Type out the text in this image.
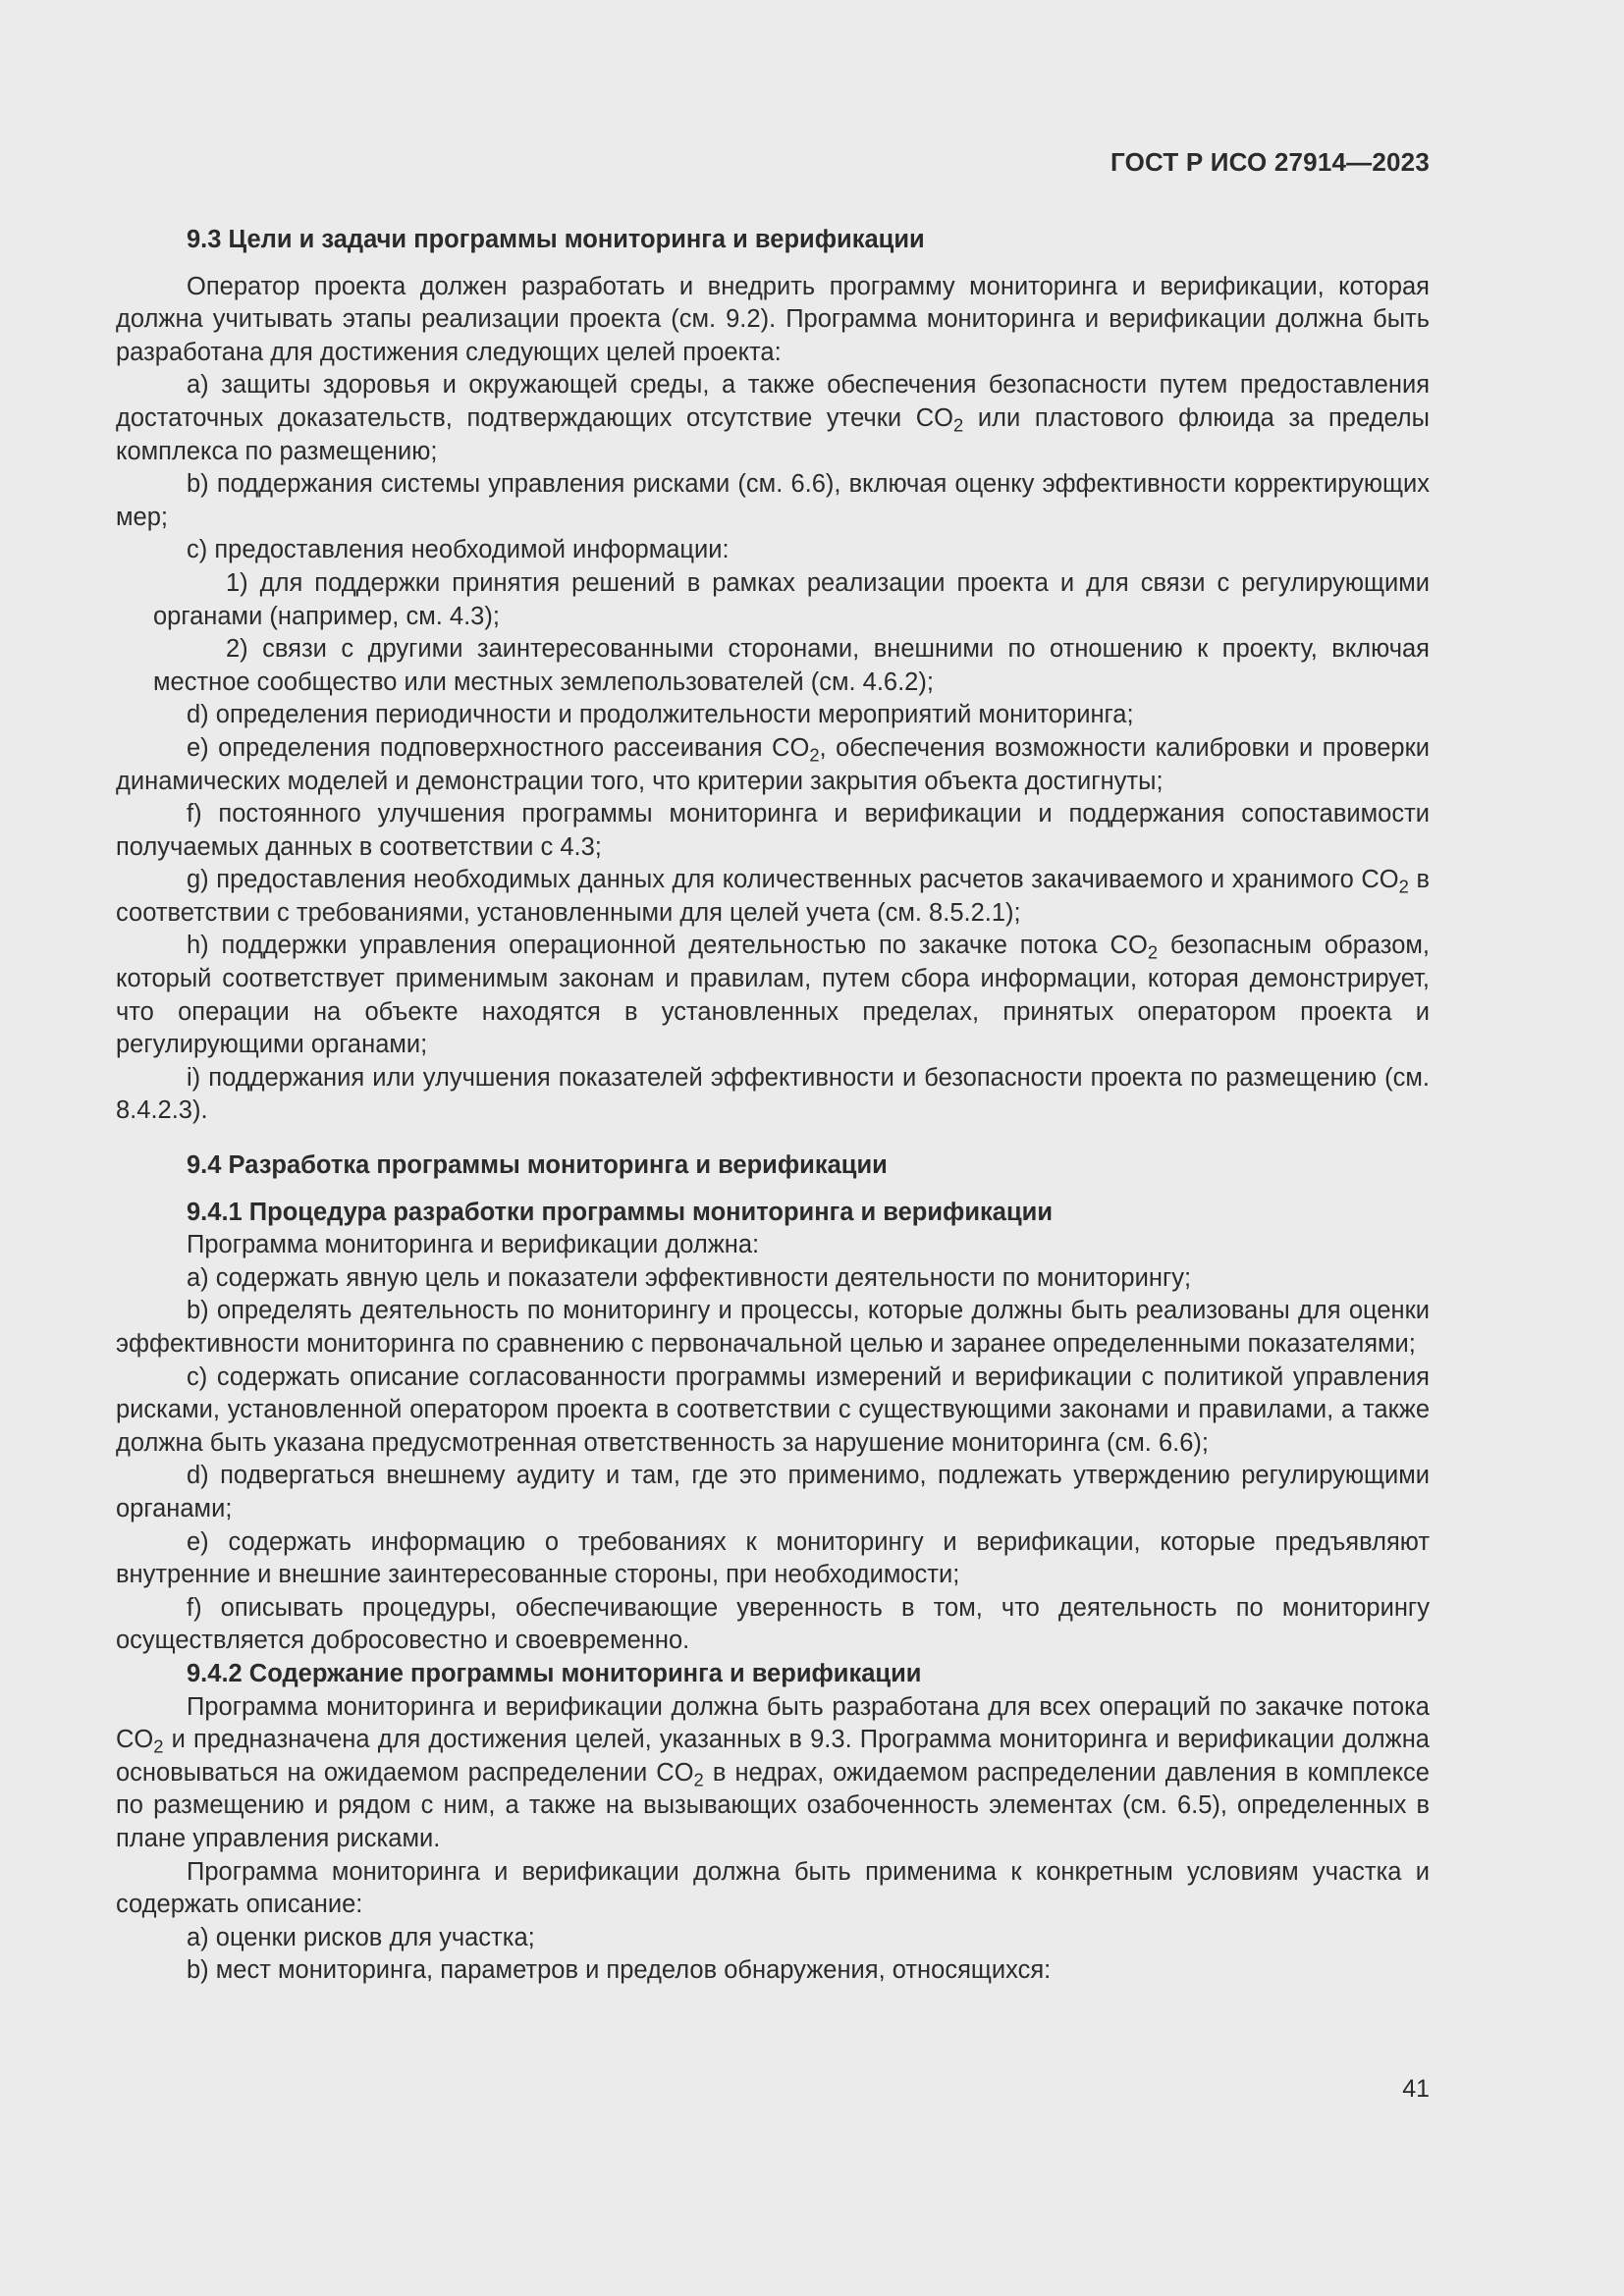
ГОСТ Р ИСО 27914—2023

9.3 Цели и задачи программы мониторинга и верификации

Оператор проекта должен разработать и внедрить программу мониторинга и верификации, которая должна учитывать этапы реализации проекта (см. 9.2). Программа мониторинга и верификации должна быть разработана для достижения следующих целей проекта:

a) защиты здоровья и окружающей среды, а также обеспечения безопасности путем предоставления достаточных доказательств, подтверждающих отсутствие утечки $CO_2$ или пластового флюида за пределы комплекса по размещению;

b) поддержания системы управления рисками (см. 6.6), включая оценку эффективности корректирующих мер;

c) предоставления необходимой информации:

1) для поддержки принятия решений в рамках реализации проекта и для связи с регулирующими органами (например, см. 4.3);

2) связи с другими заинтересованными сторонами, внешними по отношению к проекту, включая местное сообщество или местных землепользователей (см. 4.6.2);

d) определения периодичности и продолжительности мероприятий мониторинга;

e) определения подповерхностного рассеивания $CO_2$, обеспечения возможности калибровки и проверки динамических моделей и демонстрации того, что критерии закрытия объекта достигнуты;

f) постоянного улучшения программы мониторинга и верификации и поддержания сопоставимости получаемых данных в соответствии с 4.3;

g) предоставления необходимых данных для количественных расчетов закачиваемого и хранимого $CO_2$ в соответствии с требованиями, установленными для целей учета (см. 8.5.2.1);

h) поддержки управления операционной деятельностью по закачке потока $CO_2$ безопасным образом, который соответствует применимым законам и правилам, путем сбора информации, которая демонстрирует, что операции на объекте находятся в установленных пределах, принятых оператором проекта и регулирующими органами;

i) поддержания или улучшения показателей эффективности и безопасности проекта по размещению (см. 8.4.2.3).

9.4 Разработка программы мониторинга и верификации

9.4.1 Процедура разработки программы мониторинга и верификации

Программа мониторинга и верификации должна:

a) содержать явную цель и показатели эффективности деятельности по мониторингу;

b) определять деятельность по мониторингу и процессы, которые должны быть реализованы для оценки эффективности мониторинга по сравнению с первоначальной целью и заранее определенными показателями;

c) содержать описание согласованности программы измерений и верификации с политикой управления рисками, установленной оператором проекта в соответствии с существующими законами и правилами, а также должна быть указана предусмотренная ответственность за нарушение мониторинга (см. 6.6);

d) подвергаться внешнему аудиту и там, где это применимо, подлежать утверждению регулирующими органами;

e) содержать информацию о требованиях к мониторингу и верификации, которые предъявляют внутренние и внешние заинтересованные стороны, при необходимости;

f) описывать процедуры, обеспечивающие уверенность в том, что деятельность по мониторингу осуществляется добросовестно и своевременно.

9.4.2 Содержание программы мониторинга и верификации

Программа мониторинга и верификации должна быть разработана для всех операций по закачке потока $CO_2$ и предназначена для достижения целей, указанных в 9.3. Программа мониторинга и верификации должна основываться на ожидаемом распределении $CO_2$ в недрах, ожидаемом распределении давления в комплексе по размещению и рядом с ним, а также на вызывающих озабоченность элементах (см. 6.5), определенных в плане управления рисками.

Программа мониторинга и верификации должна быть применима к конкретным условиям участка и содержать описание:

a) оценки рисков для участка;

b) мест мониторинга, параметров и пределов обнаружения, относящихся:

41
